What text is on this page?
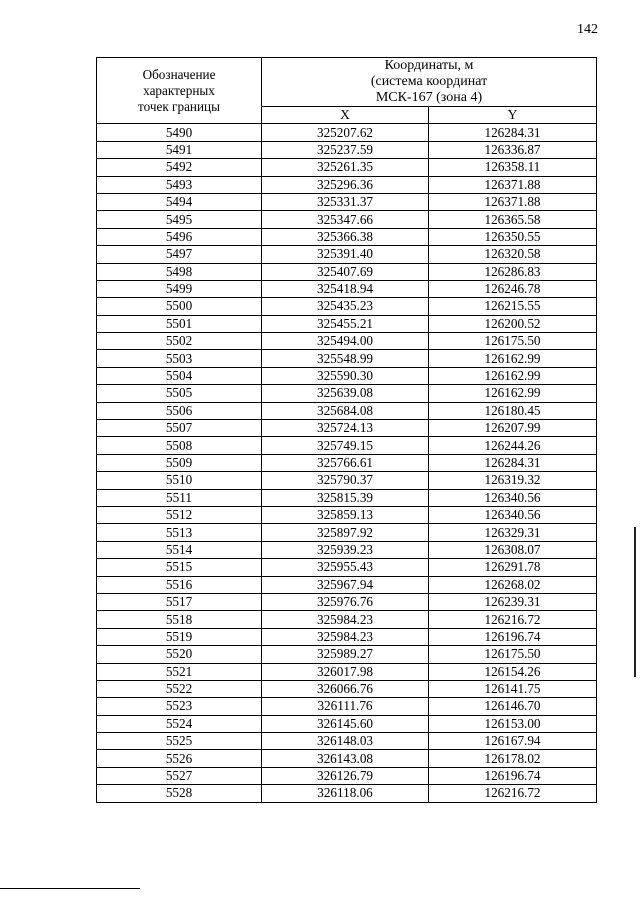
142
Обозначение
характерных
точек границы	Координаты, м
(система координат
МСК-167 (зона 4)	

	X	Y
5490	325207.62	126284.31
5491	325237.59	126336.87
5492	325261.35	126358.11
5493	325296.36	126371.88
5494	325331.37	126371.88
5495	325347.66	126365.58
5496	325366.38	126350.55
5497	325391.40	126320.58
5498	325407.69	126286.83
5499	325418.94	126246.78
5500	325435.23	126215.55
5501	325455.21	126200.52
5502	325494.00	126175.50
5503	325548.99	126162.99
5504	325590.30	126162.99
5505	325639.08	126162.99
5506	325684.08	126180.45
5507	325724.13	126207.99
5508	325749.15	126244.26
5509	325766.61	126284.31
5510	325790.37	126319.32
5511	325815.39	126340.56
5512	325859.13	126340.56
5513	325897.92	126329.31
5514	325939.23	126308.07
5515	325955.43	126291.78
5516	325967.94	126268.02
5517	325976.76	126239.31
5518	325984.23	126216.72
5519	325984.23	126196.74
5520	325989.27	126175.50
5521	326017.98	126154.26
5522	326066.76	126141.75
5523	326111.76	126146.70
5524	326145.60	126153.00
5525	326148.03	126167.94
5526	326143.08	126178.02
5527	326126.79	126196.74
5528	326118.06	126216.72
